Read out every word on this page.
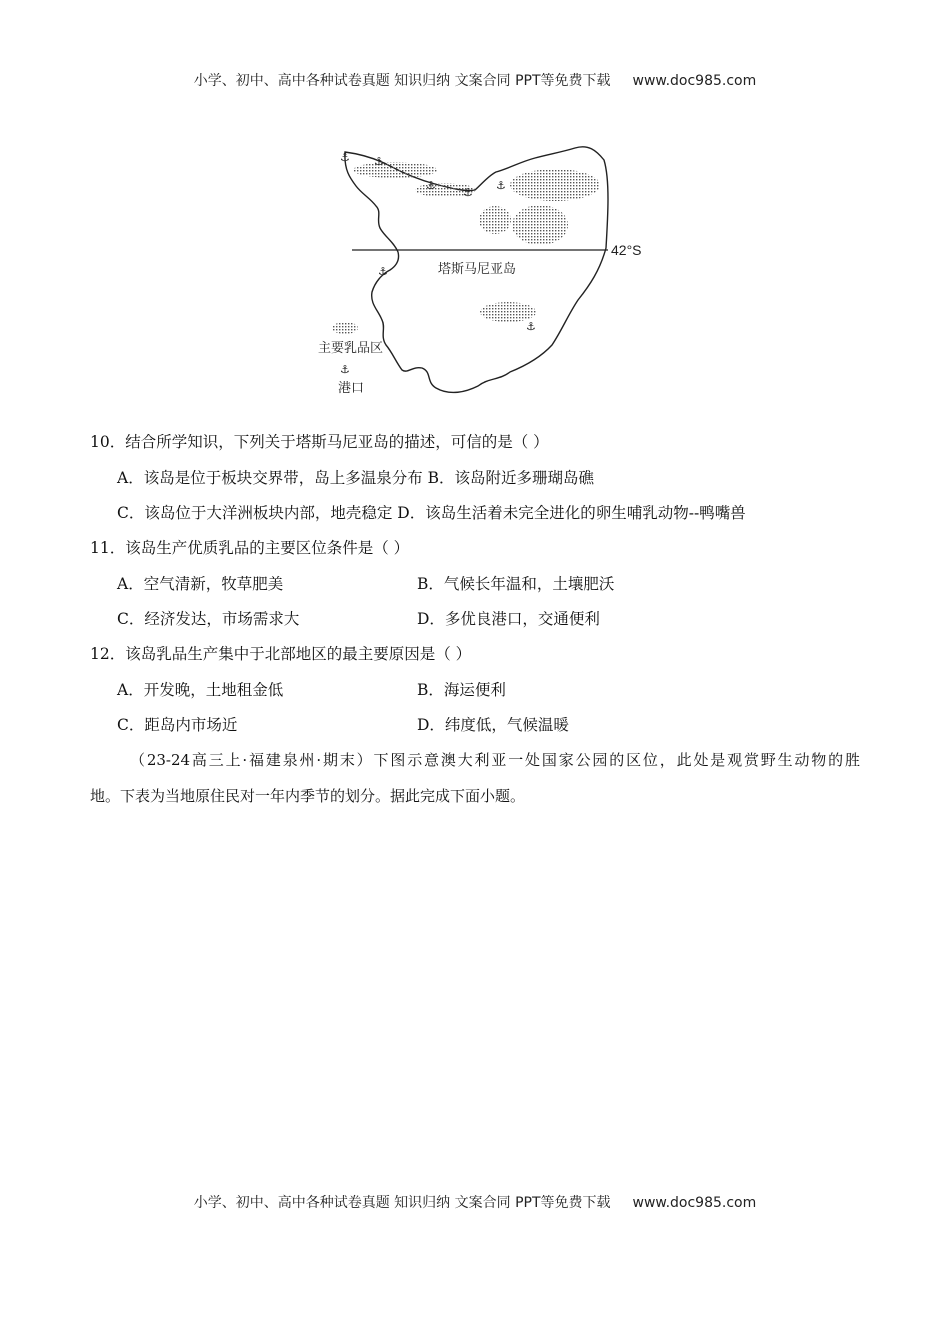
小学、初中、高中各种试卷真题 知识归纳 文案合同 PPT等免费下载 www.doc985.com
42°S
塔斯马尼亚岛
⚓ ⚓
⚓
⚓
⚓
⚓
⚓
主要乳品区
⚓
港口
10．结合所学知识，下列关于塔斯马尼亚岛的描述，可信的是（ ）
A．该岛是位于板块交界带，岛上多温泉分布 B．该岛附近多珊瑚岛礁
C．该岛位于大洋洲板块内部，地壳稳定 D．该岛生活着未完全进化的卵生哺乳动物--鸭嘴兽
11．该岛生产优质乳品的主要区位条件是（ ）
A．空气清新，牧草肥美	B．气候长年温和，土壤肥沃
C．经济发达，市场需求大	D．多优良港口，交通便利
12．该岛乳品生产集中于北部地区的最主要原因是（ ）
A．开发晚，土地租金低	B．海运便利
C．距岛内市场近	D．纬度低，气候温暖
（23-24高三上·福建泉州·期末）下图示意澳大利亚一处国家公园的区位，此处是观赏野生动物的胜
地。下表为当地原住民对一年内季节的划分。据此完成下面小题。
小学、初中、高中各种试卷真题 知识归纳 文案合同 PPT等免费下载 www.doc985.com
